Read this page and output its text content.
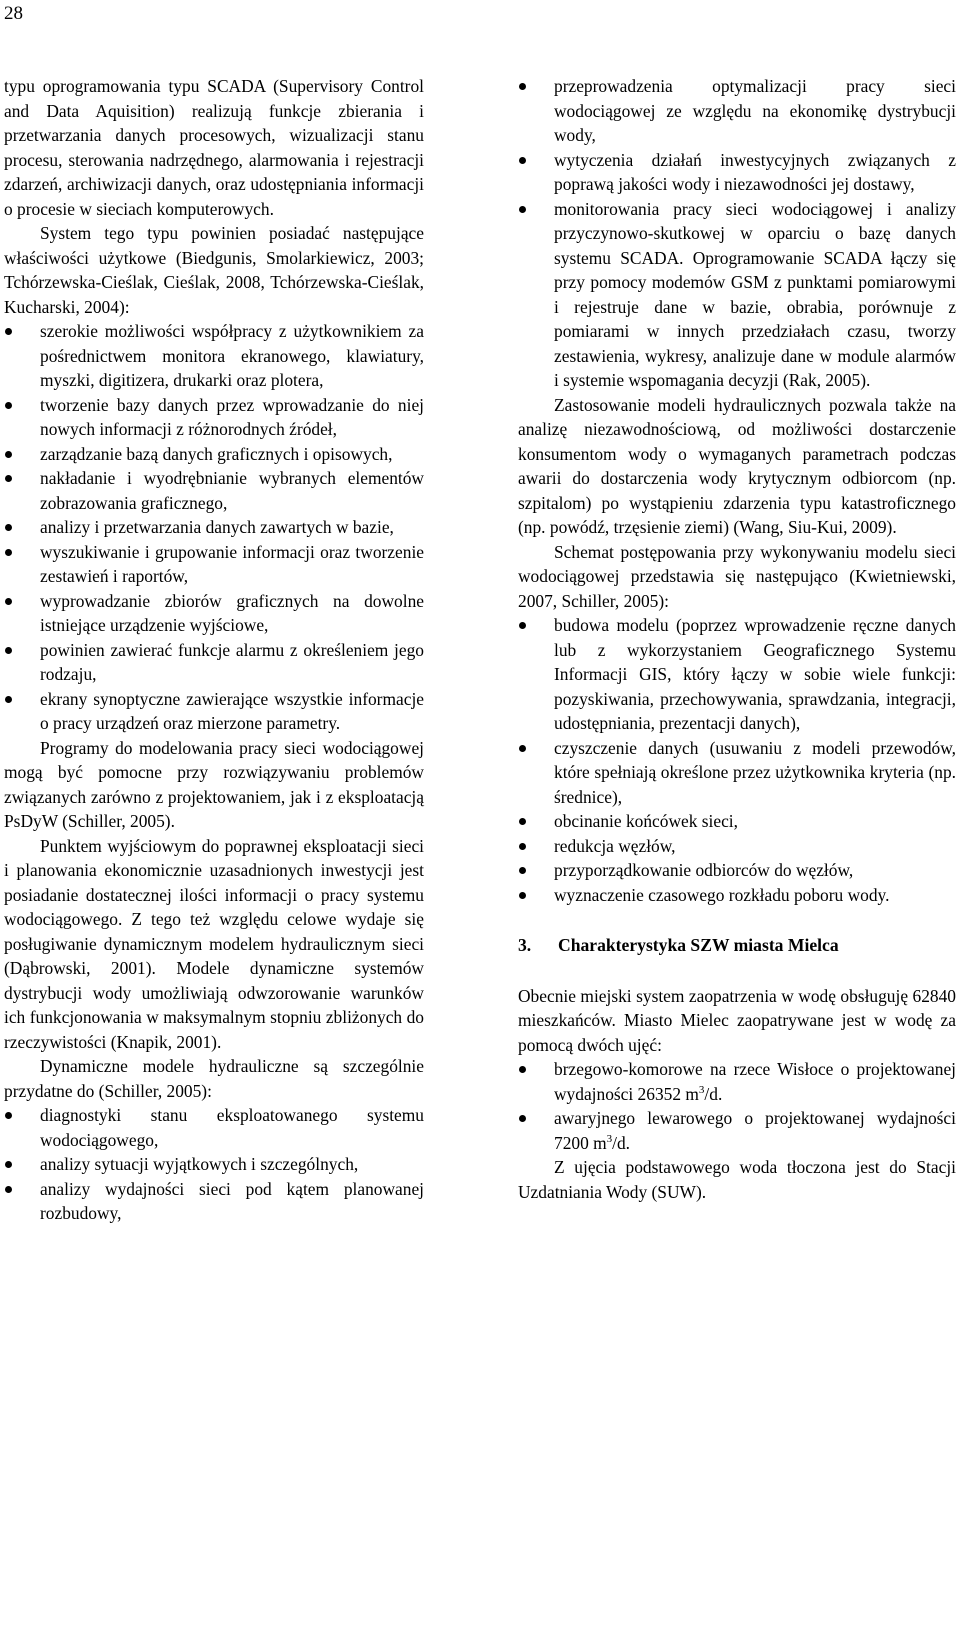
28

typu oprogramowania typu SCADA (Supervisory Control and Data Aquisition) realizują funkcje zbierania i przetwarzania danych procesowych, wizualizacji stanu procesu, sterowania nadrzędnego, alarmowania i rejestracji zdarzeń, archiwizacji danych, oraz udostępniania informacji o procesie w sieciach komputerowych.

System tego typu powinien posiadać następujące właściwości użytkowe (Biedgunis, Smolarkiewicz, 2003; Tchórzewska-Cieślak, Cieślak, 2008, Tchórzewska-Cieślak, Kucharski, 2004):

szerokie możliwości współpracy z użytkownikiem za pośrednictwem monitora ekranowego, klawiatury, myszki, digitizera, drukarki oraz plotera,
tworzenie bazy danych przez wprowadzanie do niej nowych informacji z różnorodnych źródeł,
zarządzanie bazą danych graficznych i opisowych,
nakładanie i wyodrębnianie wybranych elementów zobrazowania graficznego,
analizy i przetwarzania danych zawartych w bazie,
wyszukiwanie i grupowanie informacji oraz tworzenie zestawień i raportów,
wyprowadzanie zbiorów graficznych na dowolne istniejące urządzenie wyjściowe,
powinien zawierać funkcje alarmu z określeniem jego rodzaju,
ekrany synoptyczne zawierające wszystkie informacje o pracy urządzeń oraz mierzone parametry.

Programy do modelowania pracy sieci wodociągowej mogą być pomocne przy rozwiązywaniu problemów związanych zarówno z projektowaniem, jak i z eksploatacją PsDyW (Schiller, 2005).

Punktem wyjściowym do poprawnej eksploatacji sieci i planowania ekonomicznie uzasadnionych inwestycji jest posiadanie dostatecznej ilości informacji o pracy systemu wodociągowego. Z tego też względu celowe wydaje się posługiwanie dynamicznym modelem hydraulicznym sieci (Dąbrowski, 2001). Modele dynamiczne systemów dystrybucji wody umożliwiają odwzorowanie warunków ich funkcjonowania w maksymalnym stopniu zbliżonych do rzeczywistości (Knapik, 2001).

Dynamiczne modele hydrauliczne są szczególnie przydatne do (Schiller, 2005):

diagnostyki stanu eksploatowanego systemu wodociągowego,
analizy sytuacji wyjątkowych i szczególnych,
analizy wydajności sieci pod kątem planowanej rozbudowy,
przeprowadzenia optymalizacji pracy sieci wodociągowej ze względu na ekonomikę dystrybucji wody,
wytyczenia działań inwestycyjnych związanych z poprawą jakości wody i niezawodności jej dostawy,
monitorowania pracy sieci wodociągowej i analizy przyczynowo-skutkowej w oparciu o bazę danych systemu SCADA. Oprogramowanie SCADA łączy się przy pomocy modemów GSM z punktami pomiarowymi i rejestruje dane w bazie, obrabia, porównuje z pomiarami w innych przedziałach czasu, tworzy zestawienia, wykresy, analizuje dane w module alarmów i systemie wspomagania decyzji (Rak, 2005).

Zastosowanie modeli hydraulicznych pozwala także na analizę niezawodnościową, od możliwości dostarczenie konsumentom wody o wymaganych parametrach podczas awarii do dostarczenia wody krytycznym odbiorcom (np. szpitalom) po wystąpieniu zdarzenia typu katastroficznego (np. powódź, trzęsienie ziemi) (Wang, Siu-Kui, 2009).

Schemat postępowania przy wykonywaniu modelu sieci wodociągowej przedstawia się następująco (Kwietniewski, 2007, Schiller, 2005):

budowa modelu (poprzez wprowadzenie ręczne danych lub z wykorzystaniem Geograficznego Systemu Informacji GIS, który łączy w sobie wiele funkcji: pozyskiwania, przechowywania, sprawdzania, integracji, udostępniania, prezentacji danych),
czyszczenie danych (usuwaniu z modeli przewodów, które spełniają określone przez użytkownika kryteria (np. średnice),
obcinanie końcówek sieci,
redukcja węzłów,
przyporządkowanie odbiorców do węzłów,
wyznaczenie czasowego rozkładu poboru wody.
3. Charakterystyka SZW miasta Mielca

Obecnie miejski system zaopatrzenia w wodę obsługuję 62840 mieszkańców. Miasto Mielec zaopatrywane jest w wodę za pomocą dwóch ujęć:

brzegowo-komorowe na rzece Wisłoce o projektowanej wydajności 26352 $m^3/d$.
awaryjnego lewarowego o projektowanej wydajności 7200 $m^3/d$.

Z ujęcia podstawowego woda tłoczona jest do Stacji Uzdatniania Wody (SUW).
